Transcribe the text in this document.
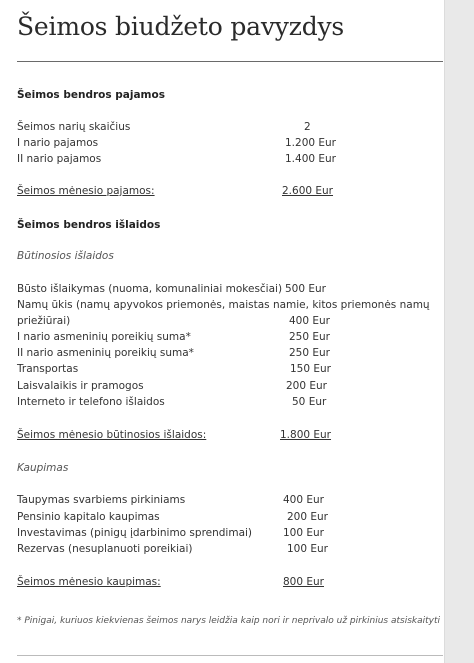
Šeimos biudžeto pavyzdys
Šeimos bendros pajamos
Šeimos narių skaičius	2
I nario pajamos	1.200 Eur
II nario pajamos	1.400 Eur
Šeimos mėnesio pajamos:	2.600 Eur
Šeimos bendros išlaidos
Būtinosios išlaidos
Būsto išlaikymas (nuoma, komunaliniai mokesčiai) 500 Eur
Namų ūkis (namų apyvokos priemonės, maistas namie, kitos priemonės namų
priežiūrai)	400 Eur
I nario asmeninių poreikių suma*	250 Eur
II nario asmeninių poreikių suma*	250 Eur
Transportas	150 Eur
Laisvalaikis ir pramogos	200 Eur
Interneto ir telefono išlaidos	50 Eur
Šeimos mėnesio būtinosios išlaidos:	1.800 Eur
Kaupimas
Taupymas svarbiems pirkiniams	400 Eur
Pensinio kapitalo kaupimas	200 Eur
Investavimas (pinigų įdarbinimo sprendimai)	100 Eur
Rezervas (nesuplanuoti poreikiai)	100 Eur
Šeimos mėnesio kaupimas:	800 Eur
* Pinigai, kuriuos kiekvienas šeimos narys leidžia kaip nori ir neprivalo už pirkinius atsiskaityti
